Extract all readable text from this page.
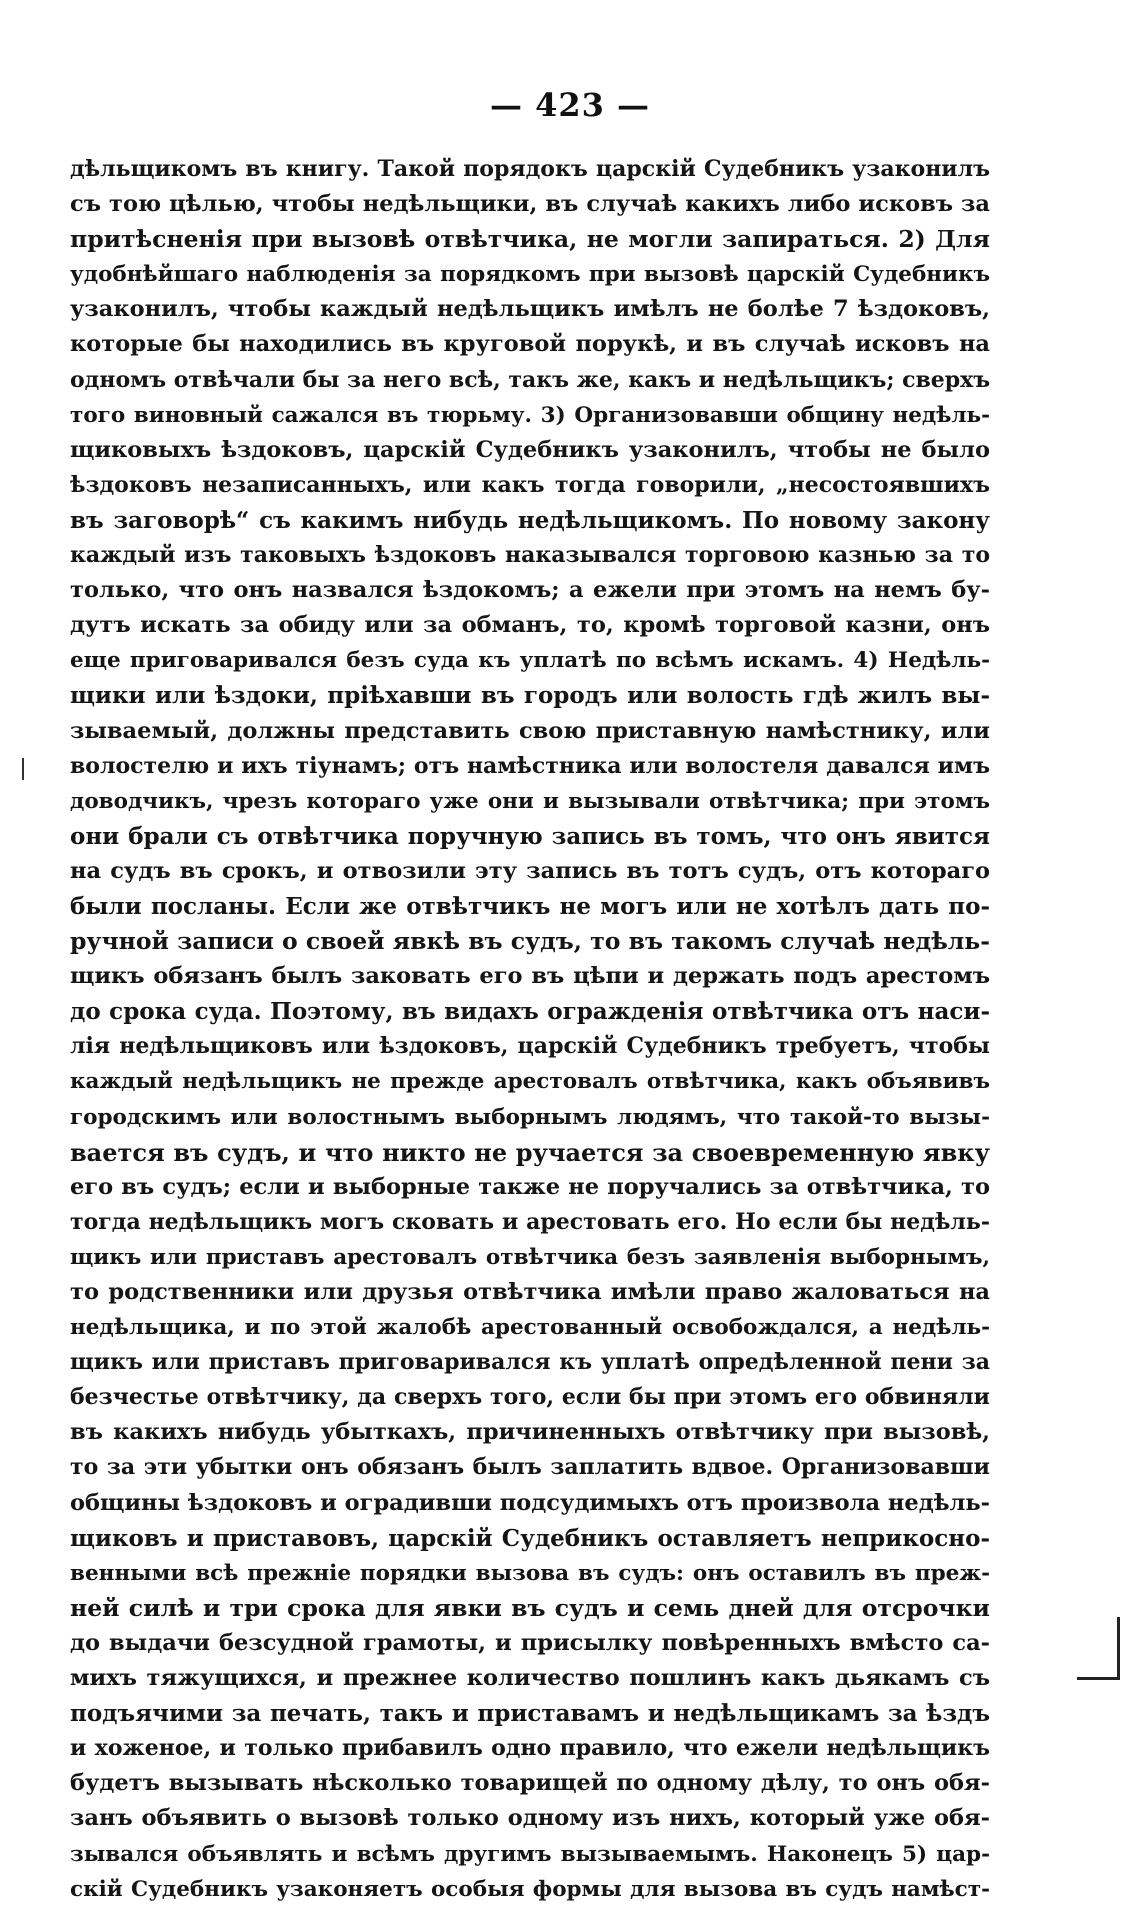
— 423 —
дѣльщикомъ въ книгу. Такой порядокъ царскій Судебникъ узаконилъ
съ тою цѣлью, чтобы недѣльщики, въ случаѣ какихъ либо исковъ за
притѣсненія при вызовѣ отвѣтчика, не могли запираться. 2) Для
удобнѣйшаго наблюденія за порядкомъ при вызовѣ царскій Судебникъ
узаконилъ, чтобы каждый недѣльщикъ имѣлъ не болѣе 7 ѣздоковъ,
которые бы находились въ круговой порукѣ, и въ случаѣ исковъ на
одномъ отвѣчали бы за него всѣ, такъ же, какъ и недѣльщикъ; сверхъ
того виновный сажался въ тюрьму. 3) Организовавши общину недѣль-
щиковыхъ ѣздоковъ, царскій Судебникъ узаконилъ, чтобы не было
ѣздоковъ незаписанныхъ, или какъ тогда говорили, „несостоявшихъ
въ заговорѣ“ съ какимъ нибудь недѣльщикомъ. По новому закону
каждый изъ таковыхъ ѣздоковъ наказывался торговою казнью за то
только, что онъ назвался ѣздокомъ; а ежели при этомъ на немъ бу-
дутъ искать за обиду или за обманъ, то, кромѣ торговой казни, онъ
еще приговаривался безъ суда къ уплатѣ по всѣмъ искамъ. 4) Недѣль-
щики или ѣздоки, пріѣхавши въ городъ или волость гдѣ жилъ вы-
зываемый, должны представить свою приставную намѣстнику, или
волостелю и ихъ тіунамъ; отъ намѣстника или волостеля давался имъ
доводчикъ, чрезъ котораго уже они и вызывали отвѣтчика; при этомъ
они брали съ отвѣтчика поручную запись въ томъ, что онъ явится
на судъ въ срокъ, и отвозили эту запись въ тотъ судъ, отъ котораго
были посланы. Если же отвѣтчикъ не могъ или не хотѣлъ дать по-
ручной записи о своей явкѣ въ судъ, то въ такомъ случаѣ недѣль-
щикъ обязанъ былъ заковать его въ цѣпи и держать подъ арестомъ
до срока суда. Поэтому, въ видахъ огражденія отвѣтчика отъ наси-
лія недѣльщиковъ или ѣздоковъ, царскій Судебникъ требуетъ, чтобы
каждый недѣльщикъ не прежде арестовалъ отвѣтчика, какъ объявивъ
городскимъ или волостнымъ выборнымъ людямъ, что такой-то вызы-
вается въ судъ, и что никто не ручается за своевременную явку
его въ судъ; если и выборные также не поручались за отвѣтчика, то
тогда недѣльщикъ могъ сковать и арестовать его. Но если бы недѣль-
щикъ или приставъ арестовалъ отвѣтчика безъ заявленія выборнымъ,
то родственники или друзья отвѣтчика имѣли право жаловаться на
недѣльщика, и по этой жалобѣ арестованный освобождался, а недѣль-
щикъ или приставъ приговаривался къ уплатѣ опредѣленной пени за
безчестье отвѣтчику, да сверхъ того, если бы при этомъ его обвиняли
въ какихъ нибудь убыткахъ, причиненныхъ отвѣтчику при вызовѣ,
то за эти убытки онъ обязанъ былъ заплатить вдвое. Организовавши
общины ѣздоковъ и оградивши подсудимыхъ отъ произвола недѣль-
щиковъ и приставовъ, царскій Судебникъ оставляетъ неприкосно-
венными всѣ прежніе порядки вызова въ судъ: онъ оставилъ въ преж-
ней силѣ и три срока для явки въ судъ и семь дней для отсрочки
до выдачи безсудной грамоты, и присылку повѣренныхъ вмѣсто са-
михъ тяжущихся, и прежнее количество пошлинъ какъ дьякамъ съ
подъячими за печать, такъ и приставамъ и недѣльщикамъ за ѣздъ
и хоженое, и только прибавилъ одно правило, что ежели недѣльщикъ
будетъ вызывать нѣсколько товарищей по одному дѣлу, то онъ обя-
занъ объявить о вызовѣ только одному изъ нихъ, который уже обя-
зывался объявлять и всѣмъ другимъ вызываемымъ. Наконецъ 5) цар-
скій Судебникъ узаконяетъ особыя формы для вызова въ судъ намѣст-
